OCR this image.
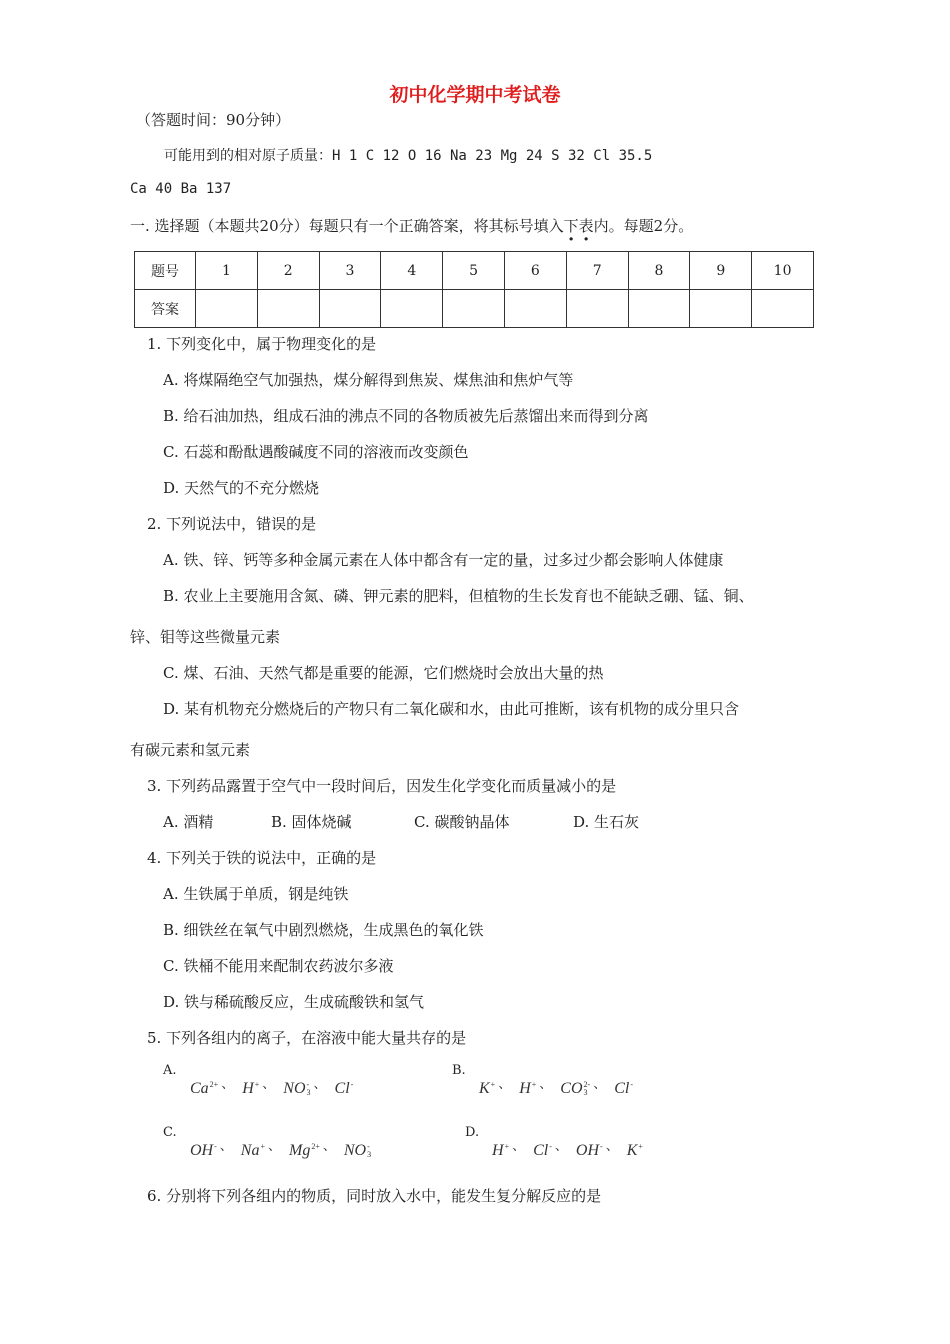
初中化学期中考试卷
（答题时间：90分钟）
可能用到的相对原子质量：H 1 C 12 O 16 Na 23 Mg 24 S 32 Cl 35.5
Ca 40 Ba 137
一. 选择题（本题共20分）每题只有一个正确答案，将其标号填入下表内。每题2分。
题号	1	2	3	4	5	6	7	8	9	10
答案										
1. 下列变化中，属于物理变化的是
A. 将煤隔绝空气加强热，煤分解得到焦炭、煤焦油和焦炉气等
B. 给石油加热，组成石油的沸点不同的各物质被先后蒸馏出来而得到分离
C. 石蕊和酚酞遇酸碱度不同的溶液而改变颜色
D. 天然气的不充分燃烧
2. 下列说法中，错误的是
A. 铁、锌、钙等多种金属元素在人体中都含有一定的量，过多过少都会影响人体健康
B. 农业上主要施用含氮、磷、钾元素的肥料，但植物的生长发育也不能缺乏硼、锰、铜、
锌、钼等这些微量元素
C. 煤、石油、天然气都是重要的能源，它们燃烧时会放出大量的热
D. 某有机物充分燃烧后的产物只有二氧化碳和水，由此可推断，该有机物的成分里只含
有碳元素和氢元素
3. 下列药品露置于空气中一段时间后，因发生化学变化而质量减小的是
A. 酒精	B. 固体烧碱	C. 碳酸钠晶体	D. 生石灰
4. 下列关于铁的说法中，正确的是
A. 生铁属于单质，钢是纯铁
B. 细铁丝在氧气中剧烈燃烧，生成黑色的氧化铁
C. 铁桶不能用来配制农药波尔多液
D. 铁与稀硫酸反应，生成硫酸铁和氢气
5. 下列各组内的离子，在溶液中能大量共存的是
A.
Ca 2+
、 H +
、 NO -
3
、 Cl -

B.
K +
、 H +
、 CO 2-
3
、 Cl -

C.
OH -
、 Na +
、 Mg 2+
、 NO -
3
D.
H +
、 Cl -
、 OH -
、 K +

6. 分别将下列各组内的物质，同时放入水中，能发生复分解反应的是
